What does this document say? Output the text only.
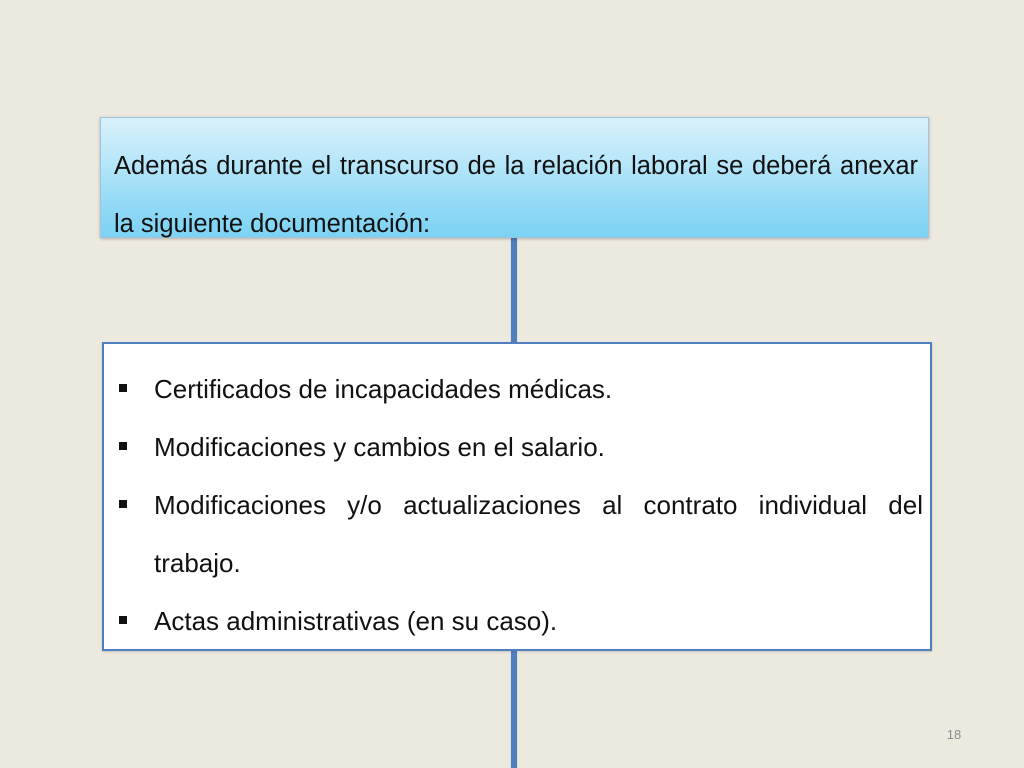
Además durante el transcurso de la relación laboral se deberá anexar la siguiente documentación:
Certificados de incapacidades médicas.
Modificaciones y cambios en el salario.
Modificaciones y/o actualizaciones al contrato individual del trabajo.
Actas administrativas (en su caso).
18
